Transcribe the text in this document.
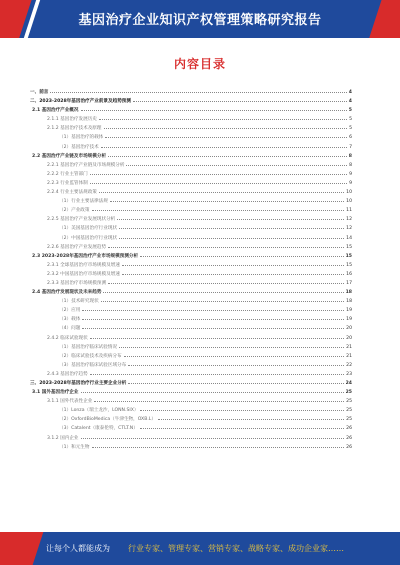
基因治疗企业知识产权管理策略研究报告
内容目录
一、前言	4
二、2023-2028年基因治疗产业前景及趋势预测	4
2.1 基因治疗产业概况	5
2.1.1 基因治疗发展历史	5
2.1.2 基因治疗技术及原理	5
（1）基因治疗的载体	6
（2）基因治疗技术	7
2.2 基因治疗产业链及市场规模分析	8
2.2.1 基因治疗产业链及市场规模分析	8
2.2.2 行业主管部门	9
2.2.3 行业监管体制	9
2.2.4 行业主要法规政策	10
（1）行业主要法律法规	10
（2）产业政策	11
2.2.5 基因治疗产业发展现状分析	12
（1）美国基因治疗行业现状	12
（2）中国基因治疗行业现状	14
2.2.6 基因治疗产业发展趋势	15
2.3 2023-2028年基因治疗产业市场规模预测分析	15
2.3.1 全球基因治疗市场规模及增速	15
2.3.2 中国基因治疗市场规模及增速	16
2.3.3 基因治疗市场规模预测	17
2.4 基因治疗发展现状及未来趋势	18
（1）技术研究现状	18
（2）应用	19
（3）载体	19
（4）问题	20
2.4.2 临床试验现状	20
（1）基因治疗临床试验情况	21
（2）临床试验技术及疾病分布	21
（3）基因治疗临床试验区域分布	22
2.4.3 基因治疗趋势	23
三、2023-2028年基因治疗行业主要企业分析	24
3.1 国外基因治疗企业	25
3.1.1 国外代表性企业	25
（1）Lonza（瑞士龙沙，LONN.SIX）	25
（2）OxfordBioMedica（牛津生物，OXB.L）	25
（3）Catalent（康泰伦特，CTLT.N）	26
3.1.2 国内企业	26
（1）和元生物	26
让每个人都能成为 行业专家、管理专家、营销专家、战略专家、成功企业家……
